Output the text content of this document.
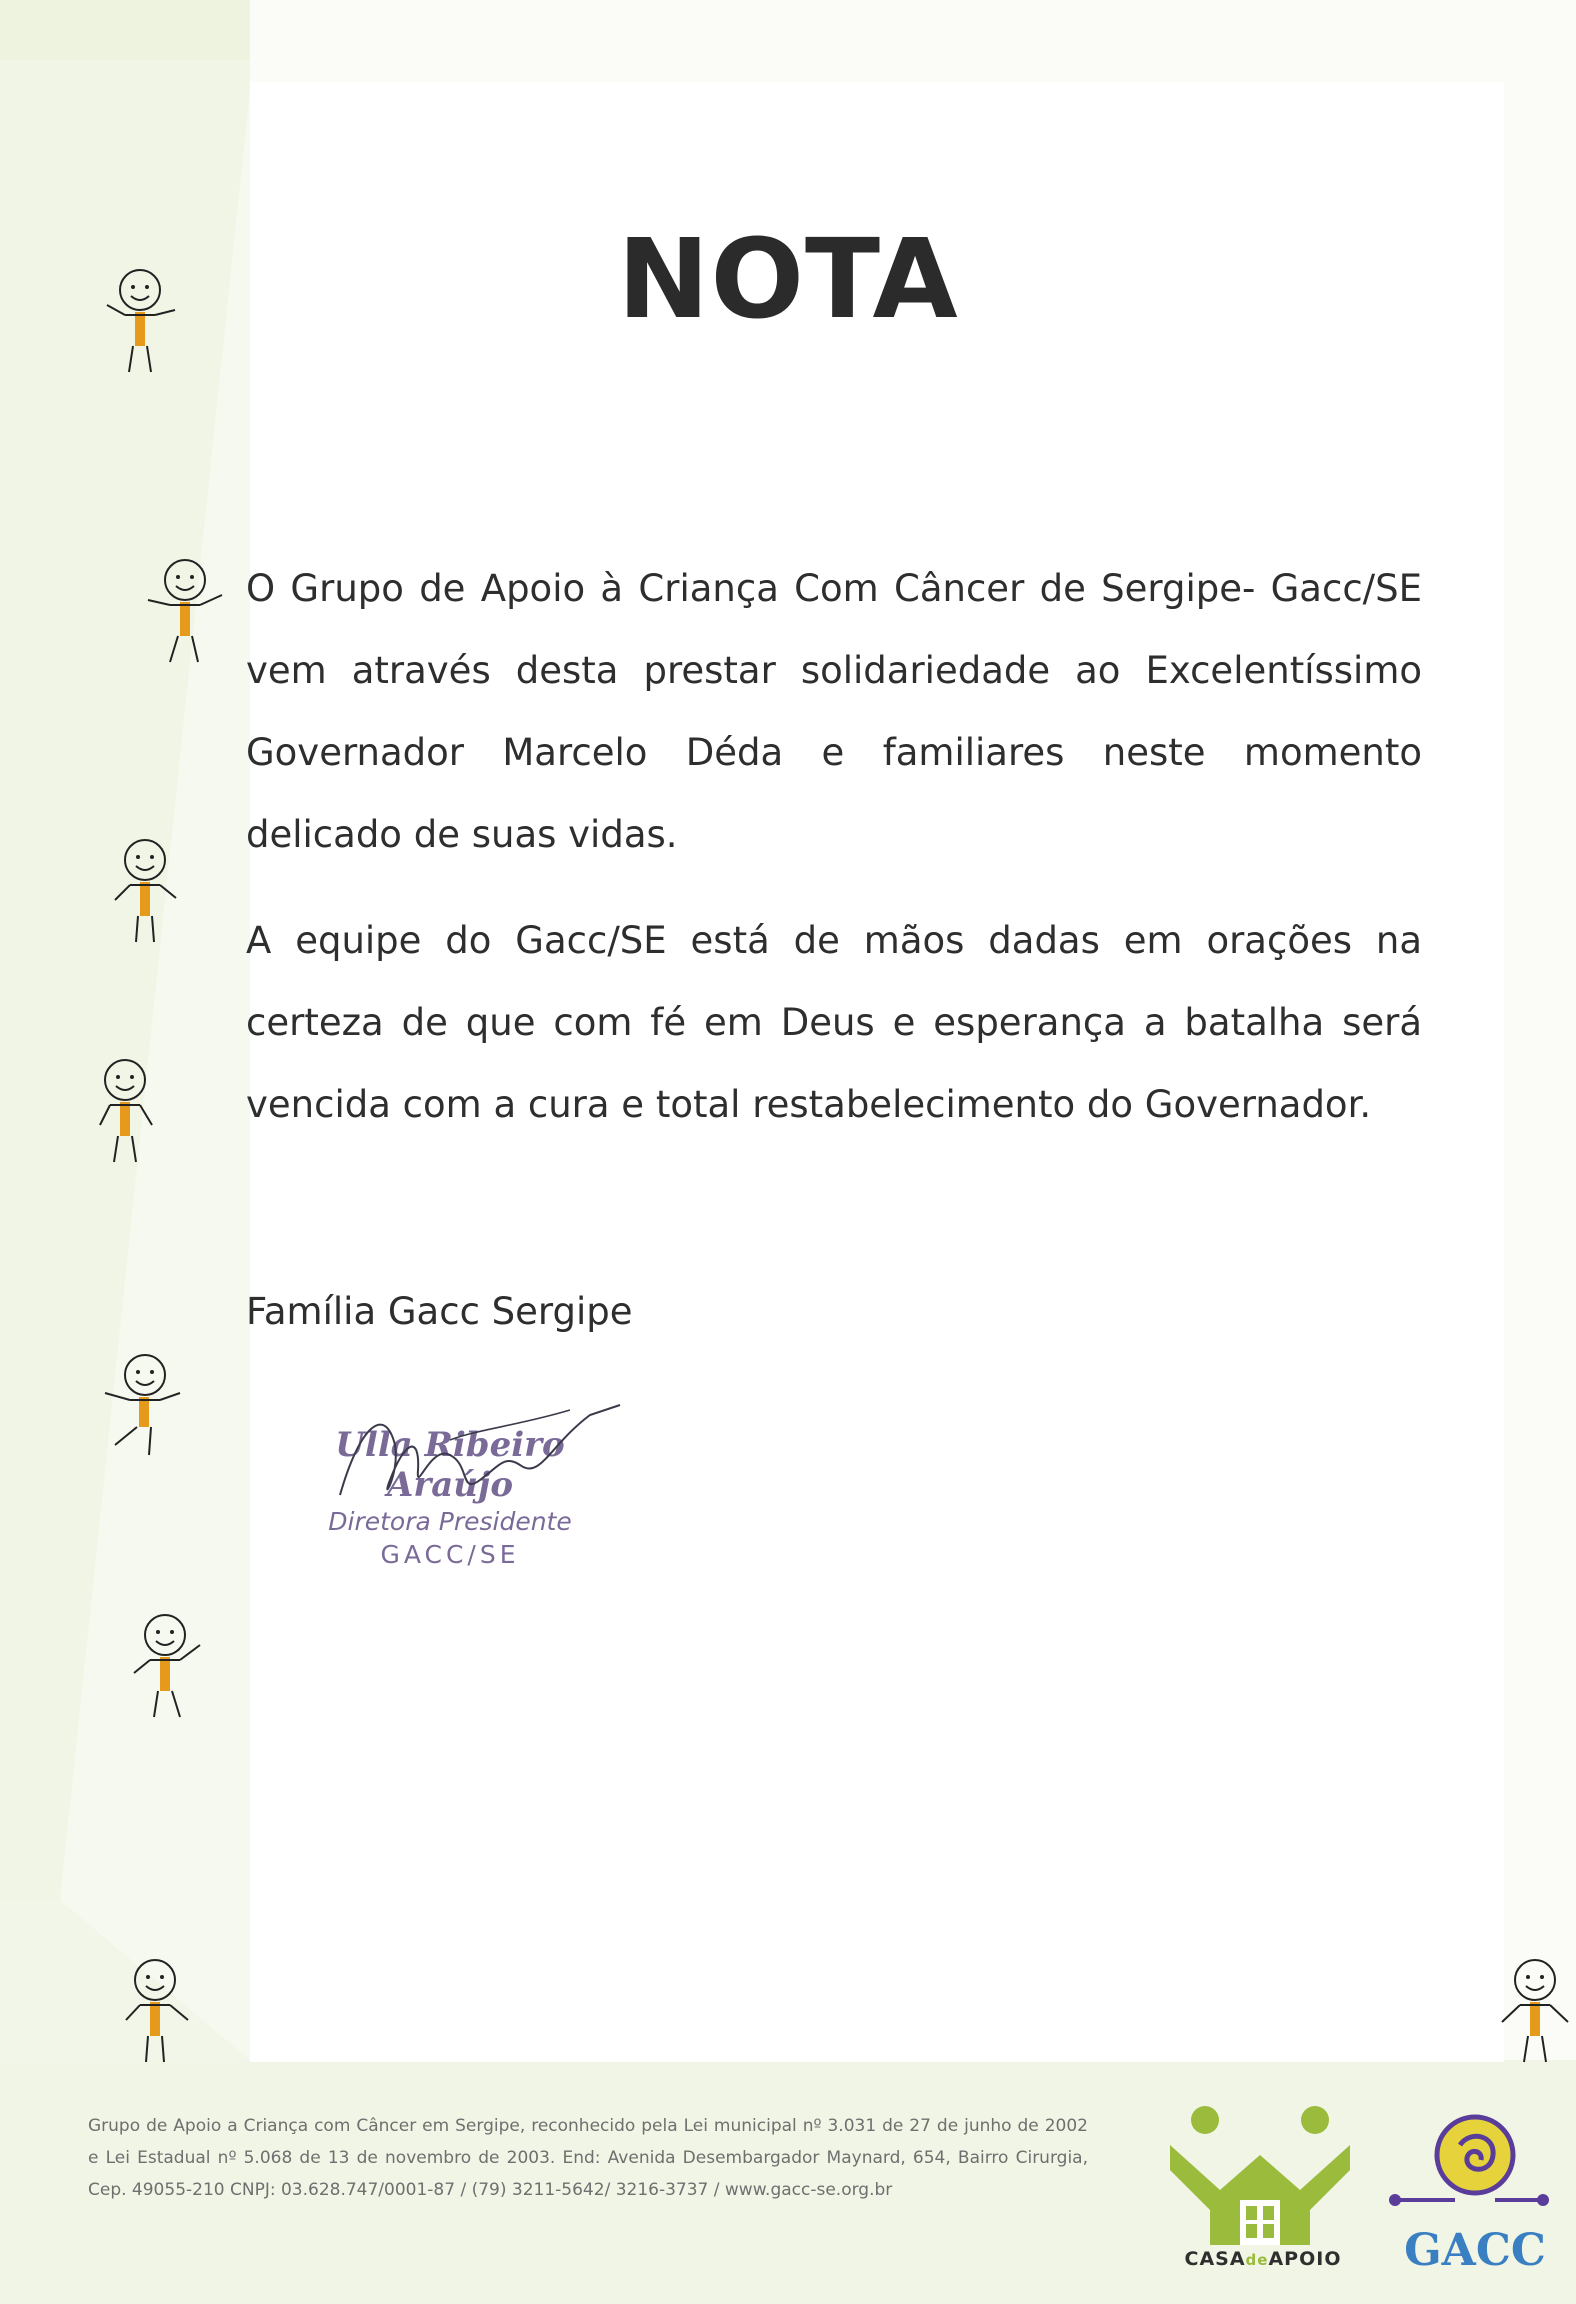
NOTA

O Grupo de Apoio à Criança Com Câncer de Sergipe- Gacc/SE vem através desta prestar solidariedade ao Excelentíssimo Governador Marcelo Déda e familiares neste momento delicado de suas vidas.

A equipe do Gacc/SE está de mãos dadas em orações na certeza de que com fé em Deus e esperança a batalha será vencida com a cura e total restabelecimento do Governador.

Família Gacc Sergipe
Ulla Ribeiro Araújo
Diretora Presidente
GACC/SE
Grupo de Apoio a Criança com Câncer em Sergipe, reconhecido pela Lei municipal nº 3.031 de 27 de junho de 2002 e Lei Estadual nº 5.068 de 13 de novembro de 2003. End: Avenida Desembargador Maynard, 654, Bairro Cirurgia, Cep. 49055-210 CNPJ: 03.628.747/0001-87 / (79) 3211-5642/ 3216-3737 / www.gacc-se.org.br
CASAdeAPOIO	GACC
